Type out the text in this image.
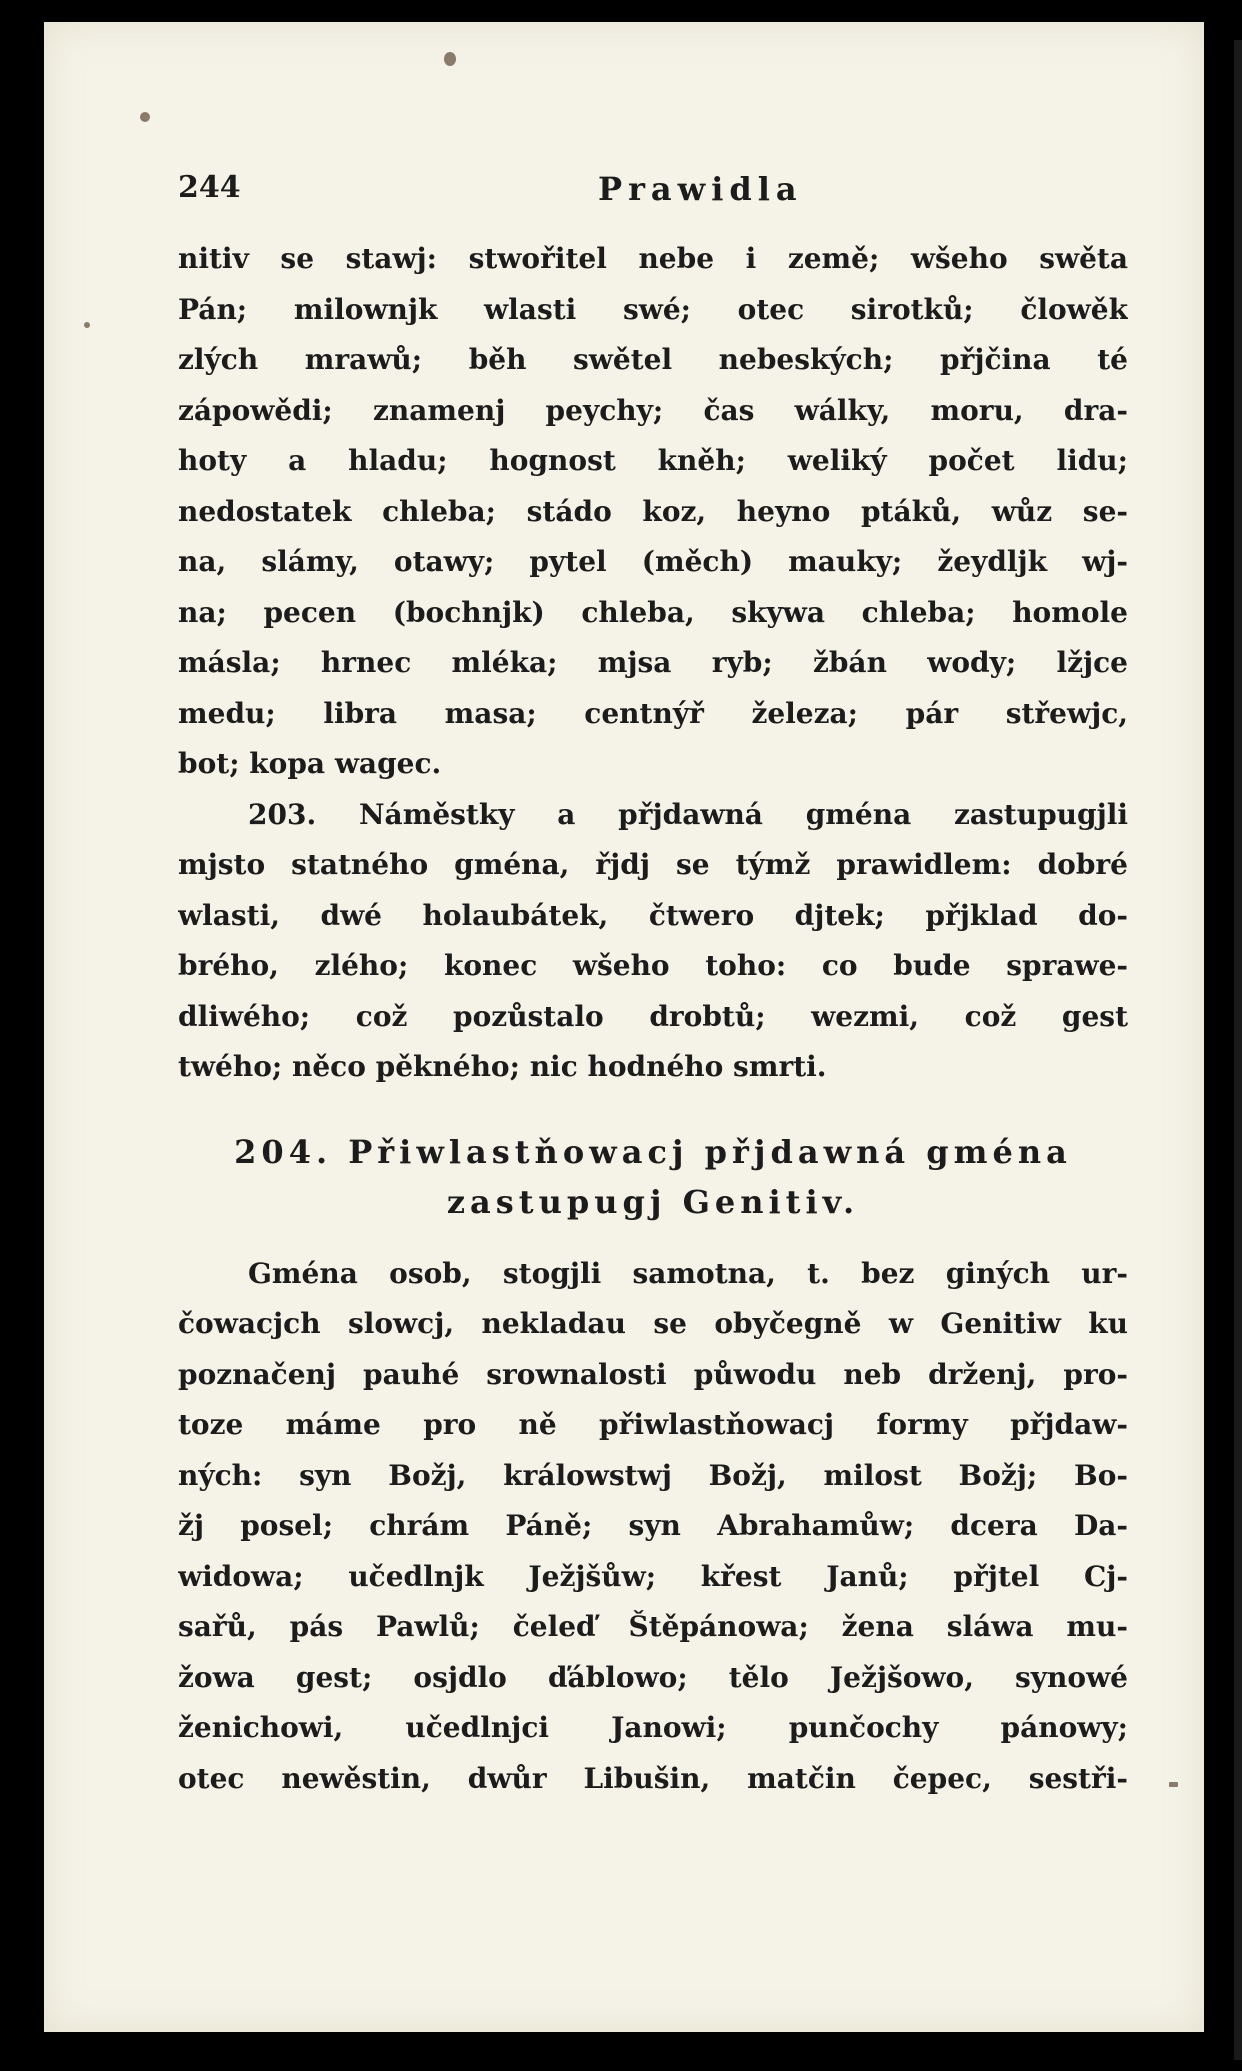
244	Prawidla
nitiv se stawj: stwořitel nebe i země; wšeho swěta
Pán; milownjk wlasti swé; otec sirotků; člowěk
zlých mrawů; běh swětel nebeských; přjčina té
zápowědi; znamenj peychy; čas wálky, moru, dra-
hoty a hladu; hognost kněh; weliký počet lidu;
nedostatek chleba; stádo koz, heyno ptáků, wůz se-
na, slámy, otawy; pytel (měch) mauky; žeydljk wj-
na; pecen (bochnjk) chleba, skywa chleba; homole
másla; hrnec mléka; mjsa ryb; žbán wody; lžjce
medu; libra masa; centnýř železa; pár střewjc,
bot; kopa wagec.
203. Náměstky a přjdawná gména zastupugjli
mjsto statného gména, řjdj se týmž prawidlem: dobré
wlasti, dwé holaubátek, čtwero djtek; přjklad do-
brého, zlého; konec wšeho toho: co bude sprawe-
dliwého; což pozůstalo drobtů; wezmi, což gest
twého; něco pěkného; nic hodného smrti.
204. Přiwlastňowacj přjdawná gména
zastupugj Genitiv.
Gména osob, stogjli samotna, t. bez giných ur-
čowacjch slowcj, nekladau se obyčegně w Genitiw ku
poznačenj pauhé srownalosti půwodu neb drženj, pro-
toze máme pro ně přiwlastňowacj formy přjdaw-
ných: syn Božj, králowstwj Božj, milost Božj; Bo-
žj posel; chrám Páně; syn Abrahamůw; dcera Da-
widowa; učedlnjk Ježjšůw; křest Janů; přjtel Cj-
sařů, pás Pawlů; čeleď Štěpánowa; žena sláwa mu-
žowa gest; osjdlo ďáblowo; tělo Ježjšowo, synowé
ženichowi, učedlnjci Janowi; punčochy pánowy;
otec newěstin, dwůr Libušin, matčin čepec, sestři-
